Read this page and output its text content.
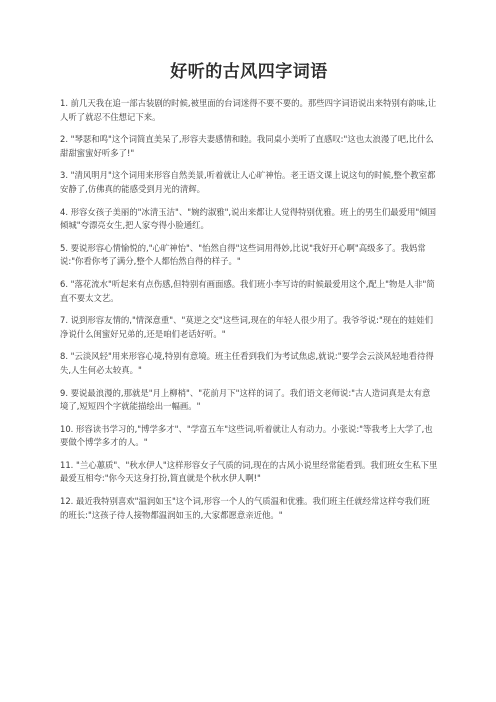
好听的古风四字词语

1. 前几天我在追一部古装剧的时候,被里面的台词迷得不要不要的。那些四字词语说出来特别有韵味,让人听了就忍不住想记下来。

2. "琴瑟和鸣"这个词简直美呆了,形容夫妻感情和睦。我同桌小美听了直感叹:"这也太浪漫了吧,比什么甜甜蜜蜜好听多了!"

3. "清风明月"这个词用来形容自然美景,听着就让人心旷神怡。老王语文课上说这句的时候,整个教室都安静了,仿佛真的能感受到月光的清辉。

4. 形容女孩子美丽的"冰清玉洁"、"婉约淑雅",说出来都让人觉得特别优雅。班上的男生们最爱用"倾国倾城"夸漂亮女生,把人家夸得小脸通红。

5. 要说形容心情愉悦的,"心旷神怡"、"怡然自得"这些词用得妙,比说"我好开心啊"高级多了。我妈常说:"你看你考了满分,整个人都怡然自得的样子。"

6. "落花流水"听起来有点伤感,但特别有画面感。我们班小李写诗的时候最爱用这个,配上"物是人非"简直不要太文艺。

7. 说到形容友情的,"情深意重"、"莫逆之交"这些词,现在的年轻人很少用了。我爷爷说:"现在的娃娃们净说什么闺蜜好兄弟的,还是咱们老话好听。"

8. "云淡风轻"用来形容心境,特别有意境。班主任看到我们为考试焦虑,就说:"要学会云淡风轻地看待得失,人生何必太较真。"

9. 要说最浪漫的,那就是"月上柳梢"、"花前月下"这样的词了。我们语文老师说:"古人造词真是太有意境了,短短四个字就能描绘出一幅画。"

10. 形容读书学习的,"博学多才"、"学富五车"这些词,听着就让人有动力。小张说:"等我考上大学了,也要做个博学多才的人。"

11. "兰心蕙质"、"秋水伊人"这样形容女子气质的词,现在的古风小说里经常能看到。我们班女生私下里最爱互相夸:"你今天这身打扮,简直就是个秋水伊人啊!"

12. 最近我特别喜欢"温润如玉"这个词,形容一个人的气质温和优雅。我们班主任就经常这样夸我们班的班长:"这孩子待人接物都温润如玉的,大家都愿意亲近他。"
